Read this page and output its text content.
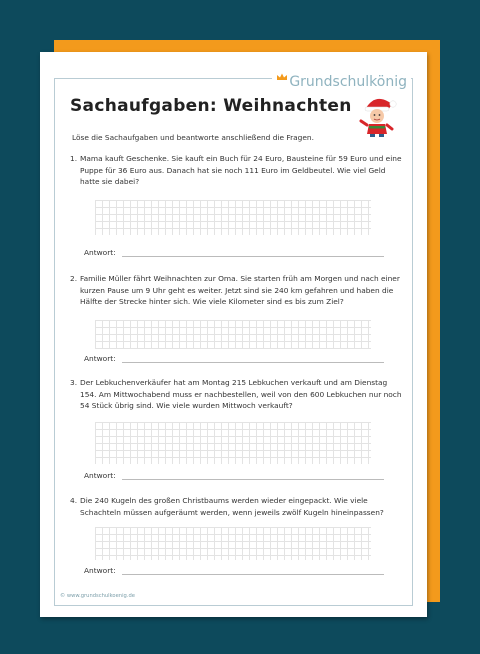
Grundschulkönig
Sachaufgaben: Weihnachten
Löse die Sachaufgaben und beantworte anschließend die Fragen.
1. Mama kauft Geschenke. Sie kauft ein Buch für 24 Euro, Bausteine für 59 Euro und eine Puppe für 36 Euro aus. Danach hat sie noch 111 Euro im Geldbeutel. Wie viel Geld hatte sie dabei?
Antwort:
2. Familie Müller fährt Weihnachten zur Oma. Sie starten früh am Morgen und nach einer kurzen Pause um 9 Uhr geht es weiter. Jetzt sind sie 240 km gefahren und haben die Hälfte der Strecke hinter sich. Wie viele Kilometer sind es bis zum Ziel?
Antwort:
3. Der Lebkuchenverkäufer hat am Montag 215 Lebkuchen verkauft und am Dienstag 154. Am Mittwochabend muss er nachbestellen, weil von den 600 Lebkuchen nur noch 54 Stück übrig sind. Wie viele wurden Mittwoch verkauft?
Antwort:
4. Die 240 Kugeln des großen Christbaums werden wieder eingepackt. Wie viele Schachteln müssen aufgeräumt werden, wenn jeweils zwölf Kugeln hineinpassen?
Antwort:
© www.grundschulkoenig.de
